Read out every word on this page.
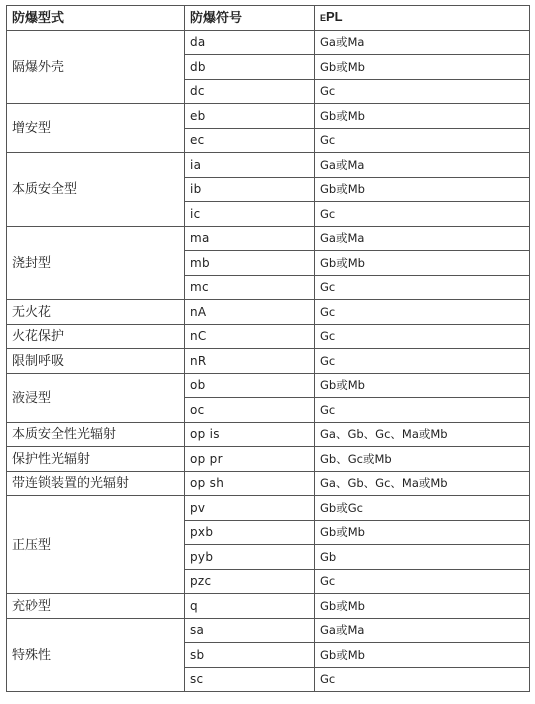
防爆型式	防爆符号	EPL
隔爆外壳	da	Ga或Ma
	db	Gb或Mb
	dc	Gc
增安型	eb	Gb或Mb
	ec	Gc
本质安全型	ia	Ga或Ma
	ib	Gb或Mb
	ic	Gc
浇封型	ma	Ga或Ma
	mb	Gb或Mb
	mc	Gc
无火花	nA	Gc
火花保护	nC	Gc
限制呼吸	nR	Gc
液浸型	ob	Gb或Mb
	oc	Gc
本质安全性光辐射	op is	Ga、Gb、Gc、Ma或Mb
保护性光辐射	op pr	Gb、Gc或Mb
带连锁装置的光辐射	op sh	Ga、Gb、Gc、Ma或Mb
正压型	pv	Gb或Gc
	pxb	Gb或Mb
	pyb	Gb
	pzc	Gc
充砂型	q	Gb或Mb
特殊性	sa	Ga或Ma
	sb	Gb或Mb
	sc	Gc
